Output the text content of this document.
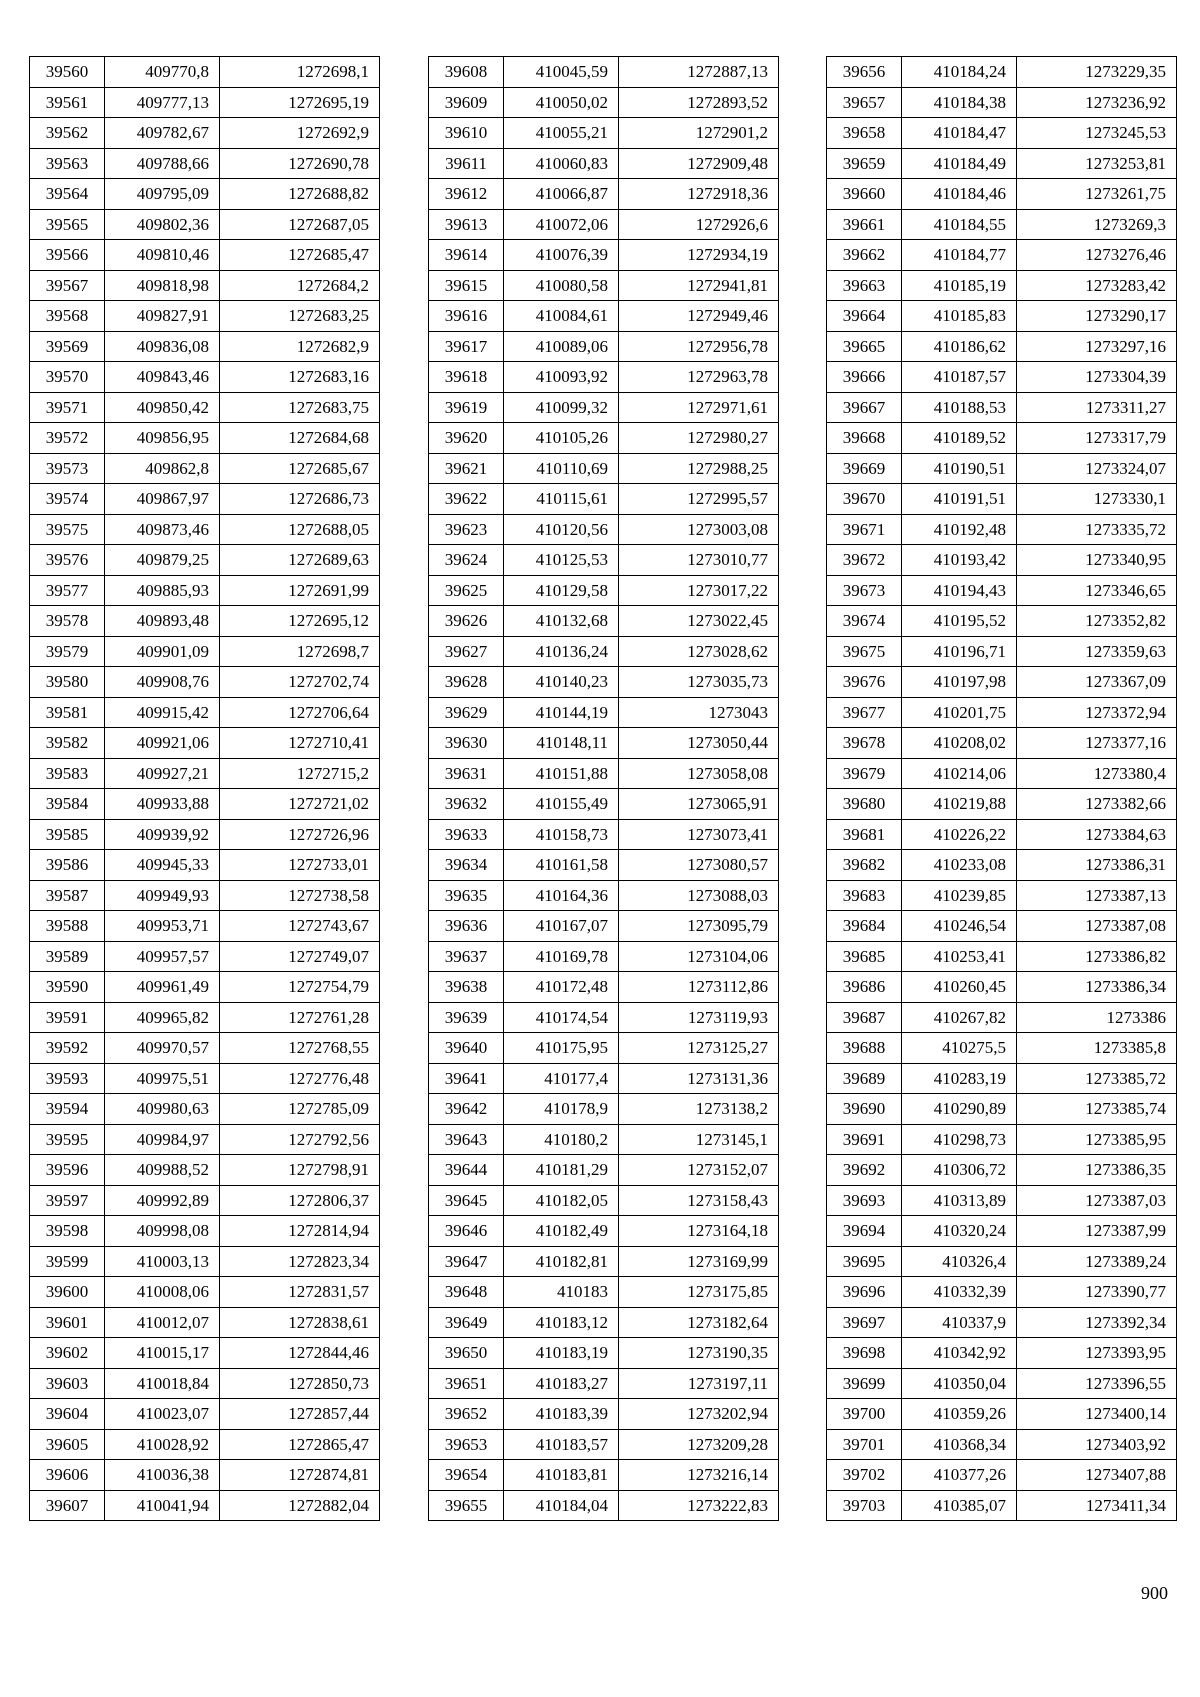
39560	409770,8	1272698,1
39561	409777,13	1272695,19
39562	409782,67	1272692,9
39563	409788,66	1272690,78
39564	409795,09	1272688,82
39565	409802,36	1272687,05
39566	409810,46	1272685,47
39567	409818,98	1272684,2
39568	409827,91	1272683,25
39569	409836,08	1272682,9
39570	409843,46	1272683,16
39571	409850,42	1272683,75
39572	409856,95	1272684,68
39573	409862,8	1272685,67
39574	409867,97	1272686,73
39575	409873,46	1272688,05
39576	409879,25	1272689,63
39577	409885,93	1272691,99
39578	409893,48	1272695,12
39579	409901,09	1272698,7
39580	409908,76	1272702,74
39581	409915,42	1272706,64
39582	409921,06	1272710,41
39583	409927,21	1272715,2
39584	409933,88	1272721,02
39585	409939,92	1272726,96
39586	409945,33	1272733,01
39587	409949,93	1272738,58
39588	409953,71	1272743,67
39589	409957,57	1272749,07
39590	409961,49	1272754,79
39591	409965,82	1272761,28
39592	409970,57	1272768,55
39593	409975,51	1272776,48
39594	409980,63	1272785,09
39595	409984,97	1272792,56
39596	409988,52	1272798,91
39597	409992,89	1272806,37
39598	409998,08	1272814,94
39599	410003,13	1272823,34
39600	410008,06	1272831,57
39601	410012,07	1272838,61
39602	410015,17	1272844,46
39603	410018,84	1272850,73
39604	410023,07	1272857,44
39605	410028,92	1272865,47
39606	410036,38	1272874,81
39607	410041,94	1272882,04
39608	410045,59	1272887,13
39609	410050,02	1272893,52
39610	410055,21	1272901,2
39611	410060,83	1272909,48
39612	410066,87	1272918,36
39613	410072,06	1272926,6
39614	410076,39	1272934,19
39615	410080,58	1272941,81
39616	410084,61	1272949,46
39617	410089,06	1272956,78
39618	410093,92	1272963,78
39619	410099,32	1272971,61
39620	410105,26	1272980,27
39621	410110,69	1272988,25
39622	410115,61	1272995,57
39623	410120,56	1273003,08
39624	410125,53	1273010,77
39625	410129,58	1273017,22
39626	410132,68	1273022,45
39627	410136,24	1273028,62
39628	410140,23	1273035,73
39629	410144,19	1273043
39630	410148,11	1273050,44
39631	410151,88	1273058,08
39632	410155,49	1273065,91
39633	410158,73	1273073,41
39634	410161,58	1273080,57
39635	410164,36	1273088,03
39636	410167,07	1273095,79
39637	410169,78	1273104,06
39638	410172,48	1273112,86
39639	410174,54	1273119,93
39640	410175,95	1273125,27
39641	410177,4	1273131,36
39642	410178,9	1273138,2
39643	410180,2	1273145,1
39644	410181,29	1273152,07
39645	410182,05	1273158,43
39646	410182,49	1273164,18
39647	410182,81	1273169,99
39648	410183	1273175,85
39649	410183,12	1273182,64
39650	410183,19	1273190,35
39651	410183,27	1273197,11
39652	410183,39	1273202,94
39653	410183,57	1273209,28
39654	410183,81	1273216,14
39655	410184,04	1273222,83
39656	410184,24	1273229,35
39657	410184,38	1273236,92
39658	410184,47	1273245,53
39659	410184,49	1273253,81
39660	410184,46	1273261,75
39661	410184,55	1273269,3
39662	410184,77	1273276,46
39663	410185,19	1273283,42
39664	410185,83	1273290,17
39665	410186,62	1273297,16
39666	410187,57	1273304,39
39667	410188,53	1273311,27
39668	410189,52	1273317,79
39669	410190,51	1273324,07
39670	410191,51	1273330,1
39671	410192,48	1273335,72
39672	410193,42	1273340,95
39673	410194,43	1273346,65
39674	410195,52	1273352,82
39675	410196,71	1273359,63
39676	410197,98	1273367,09
39677	410201,75	1273372,94
39678	410208,02	1273377,16
39679	410214,06	1273380,4
39680	410219,88	1273382,66
39681	410226,22	1273384,63
39682	410233,08	1273386,31
39683	410239,85	1273387,13
39684	410246,54	1273387,08
39685	410253,41	1273386,82
39686	410260,45	1273386,34
39687	410267,82	1273386
39688	410275,5	1273385,8
39689	410283,19	1273385,72
39690	410290,89	1273385,74
39691	410298,73	1273385,95
39692	410306,72	1273386,35
39693	410313,89	1273387,03
39694	410320,24	1273387,99
39695	410326,4	1273389,24
39696	410332,39	1273390,77
39697	410337,9	1273392,34
39698	410342,92	1273393,95
39699	410350,04	1273396,55
39700	410359,26	1273400,14
39701	410368,34	1273403,92
39702	410377,26	1273407,88
39703	410385,07	1273411,34
900
